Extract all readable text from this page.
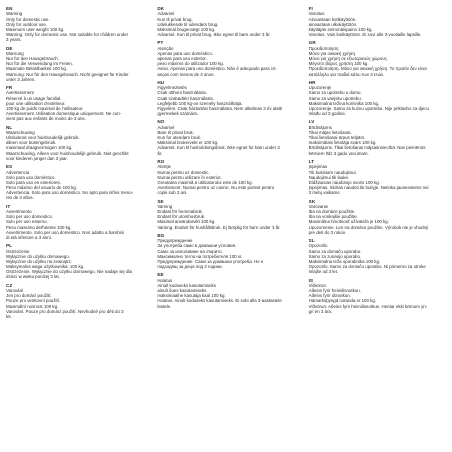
EN
Warning
Only for domestic use.
Only for outdoor use.
Maximum user weight 100 kg.
Warning. Only for domestic use. Not suitable for children under
3 years.
DE
Warnung
Nur für den Hausgebrauch.
Nur für die Verwendung im Freien.
Maximale Belastbarkeit 100 kg.
Warnung: Nur für den Hausgebrauch. Nicht geeignet für Kinder
unter 3 Jahren.
FR
Avertissement
Réservé à un usage familial.
pour une utilisation d'extérieur.
100 kg de poids maximal de l'utilisateur.
Avertissement. Utilisation domestique uniquement. Ne con-
vient pas aux enfants de moins de 3 ans.
NL
Waarschuwing
Uitsluitend voor huishoudelijk gebruik.
alleen voor buitengebruik.
maximaal draagvermogen 100 kg.
Waarschuwing. Alleen voor huishoudelijk gebruik. Niet geschikt
voor kinderen jonger dan 3 jaar.
ES
Advertencia
Solo para uso doméstico.
Solo para uso en exteriores.
Peso máximo del usuario de 100 kg.
Advertencia. Solo para uso doméstico. No apto para niños meno-
res de 3 años.
IT
Avvertimento
Solo per uso domestico.
Solo per uso esterno.
Peso massimo dell'utente 100 kg.
Avvertimento. Solo per uso domestico. Non adatto a bambini
di età inferiore a 3 anni.
PL
Ostrzeżenie
Wyłącznie do użytku domowego.
Wyłącznie do użytku na zewnątrz.
Maksymalna waga użytkownika: 100 kg.
Ostrzeżenie. Wyłącznie do użytku domowego. Nie nadaje się dla
dzieci w wieku poniżej 3 lat.
CZ
Varování
Jen pro domácí použití.
Pouze pro venkovní použití.
Maximální nosnost 100 kg.
Varování. Pouze pro domácí použití. Nevhodné pro děti do 3
let.
DK
Advarsel
Kun til privat brug.
Udelukkende til udendørs brug.
Maksimal brugervægt 100 kg.
Advarsel. Kun til privat brug. Ikke egnet til børn under 3 år.
PT
Atenção
Apenas para uso doméstico.
apenas para uso exterior.
peso máximo do utilizador 100 kg.
Aviso. Apenas para uso doméstico. Não é adequado para cri-
anças com menos de 3 anos.
HU
Figyelmeztetés
Csak otthoni használatra.
Csak szabadtéri használatra.
Legfeljebb 100 kg-os személy használhatja.
Figyelem. Csak háztartási használatra. Nem alkalmas 3 év alatti
gyermekek számára.
NO
Advarsel
Bare til privat bruk.
Kun for utendørs bruk.
Maksimal brukervekt er 100 kg.
Advarsel. Kun til husholdningsbruk. Ikke egnet for barn under 3
år.
RO
Atenţie
Numai pentru uz domestic.
Numai pentru utilizare în exterior.
Greutatea maximă a utilizatorului este de 100 kg.
Avertisment. Numai pentru uz casnic. Nu este potrivit pentru
copiii sub 3 ani.
SE
Varning
Endast för hemmabruk.
Endast för utomhusbruk.
Maximal användarvikt 100 kg.
Varning. Endast för hushållsbruk. Ej lämplig för barn under 3 år.
BG
Предупреждение
За употреба само в домашни условия.
Само за използване на открито.
Максимално тегло на потребителя 100 кг.
Предупреждение. Само за домашна употреба. Не е
подходящ за деца под 3 години.
EE
Hoiatus
Ainult koduseks kasutamiseks
ainult õues kasutamiseks
maksimaalne kasutaja kaal 100 kg.
Hoiatus. Ainult koduseks kasutamiseks. Ei sobi alla 3-aastastele
lastele.
FI
Varoitus
Ainoastaan kotikäyttöön.
ainoastaan ulkokäyttöön.
käyttäjän enimmäispaino 100 kg.
Varoitus. Vain kotikäyttöön. Ei sovi alle 3-vuotiaille lapsille.
GR
Προειδοποίηση
Μόνο για οικιακή χρήση.
Μόνο για χρήση σε εξωτερικούς χώρους.
Μέγιστο βάρος χρήστη 100 kg.
Προειδοποίηση. Μόνο για οικιακή χρήση. Το προϊόν δεν είναι
κατάλληλο για παιδιά κάτω των 3 ετών.
HR
Upozorenje
Samo za upotrebu u domu.
Samo za vanjsku upotrebu.
Maksimalna težina korisnika 100 kg.
Upozorenje. Samo za kućnu upotrebu. Nije prikladno za djecu
mlađu od 3 godine.
LV
Brīdinājums
Tikai mājas lietošanai.
Tikai lietošanai ārpus telpām.
maksimālais lietotāja svars 100 kg.
Brīdinājums. Tikai lietošanai mājsaimniecībā. Nav piemērots
bērniem līdz 3 gadu vecumam.
LT
Įspėjimas
Tik buitiniam naudojimui.
Naudojimui tik lauke.
Didžiausias naudotojo svoris 100 kg.
Įspėjimas. Skirtas naudoti tik buityje. Netinka jaunesniems nei
3 metų vaikams.
SK
Varovanie
Iba na domáce použitie.
Iba na vonkajšie použitie.
Maximálna hmotnosť užívateľa je 100 kg.
Upozornenie. Len na domáce použitie. Výrobok nie je vhodný
pre deti do 3 rokov.
SL
Opozorilo
Samo za domačo uporabo.
Samo za zunanjo uporabo.
Maksimalna teža uporabnika 100 kg.
Opozorilo. Samo za domačo uporabo. Ni primerno za otroke
mlajše od 3 let.
IS
Viðvörun
Aðeins fyrir heimilisnotkun.
Aðeins fyrir útinotkun.
Hámarksþyngd notanda er 100 kg.
Viðvörun. Aðeins fyrir heimilisnotkun. Hentar ekki börnum yn-
gri en 3 ára.
